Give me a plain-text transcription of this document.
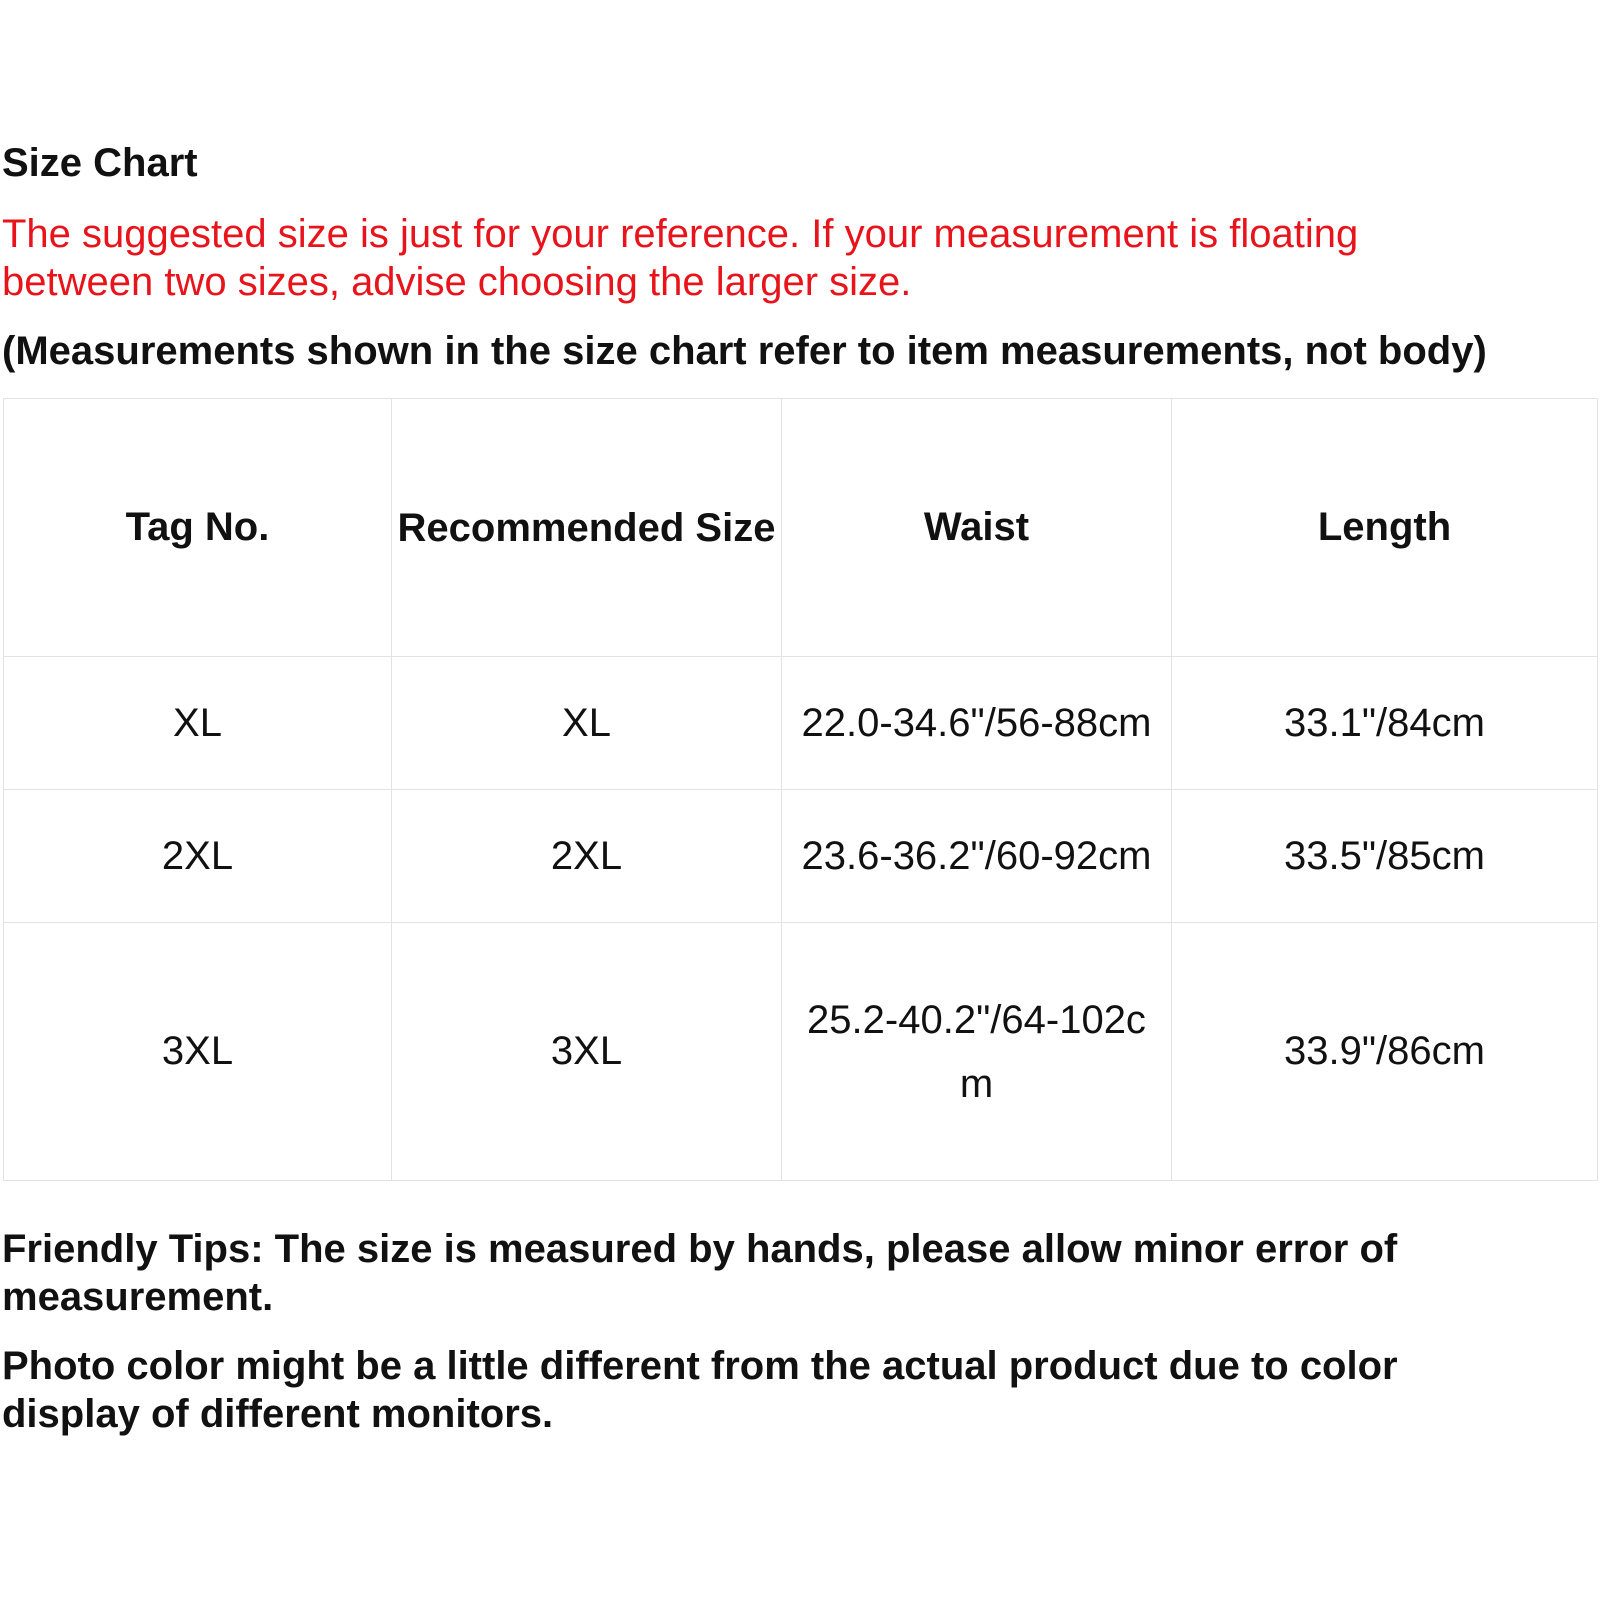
Size Chart
The suggested size is just for your reference. If your measurement is floating
between two sizes, advise choosing the larger size.
(Measurements shown in the size chart refer to item measurements, not body)
Tag No.	Recommended Size	Waist	Length
XL	XL	22.0-34.6"/56-88cm	33.1"/84cm
2XL	2XL	23.6-36.2"/60-92cm	33.5"/85cm
3XL	3XL	25.2-40.2"/64-102cm	33.9"/86cm
Friendly Tips: The size is measured by hands, please allow minor error of
measurement.
Photo color might be a little different from the actual product due to color
display of different monitors.
